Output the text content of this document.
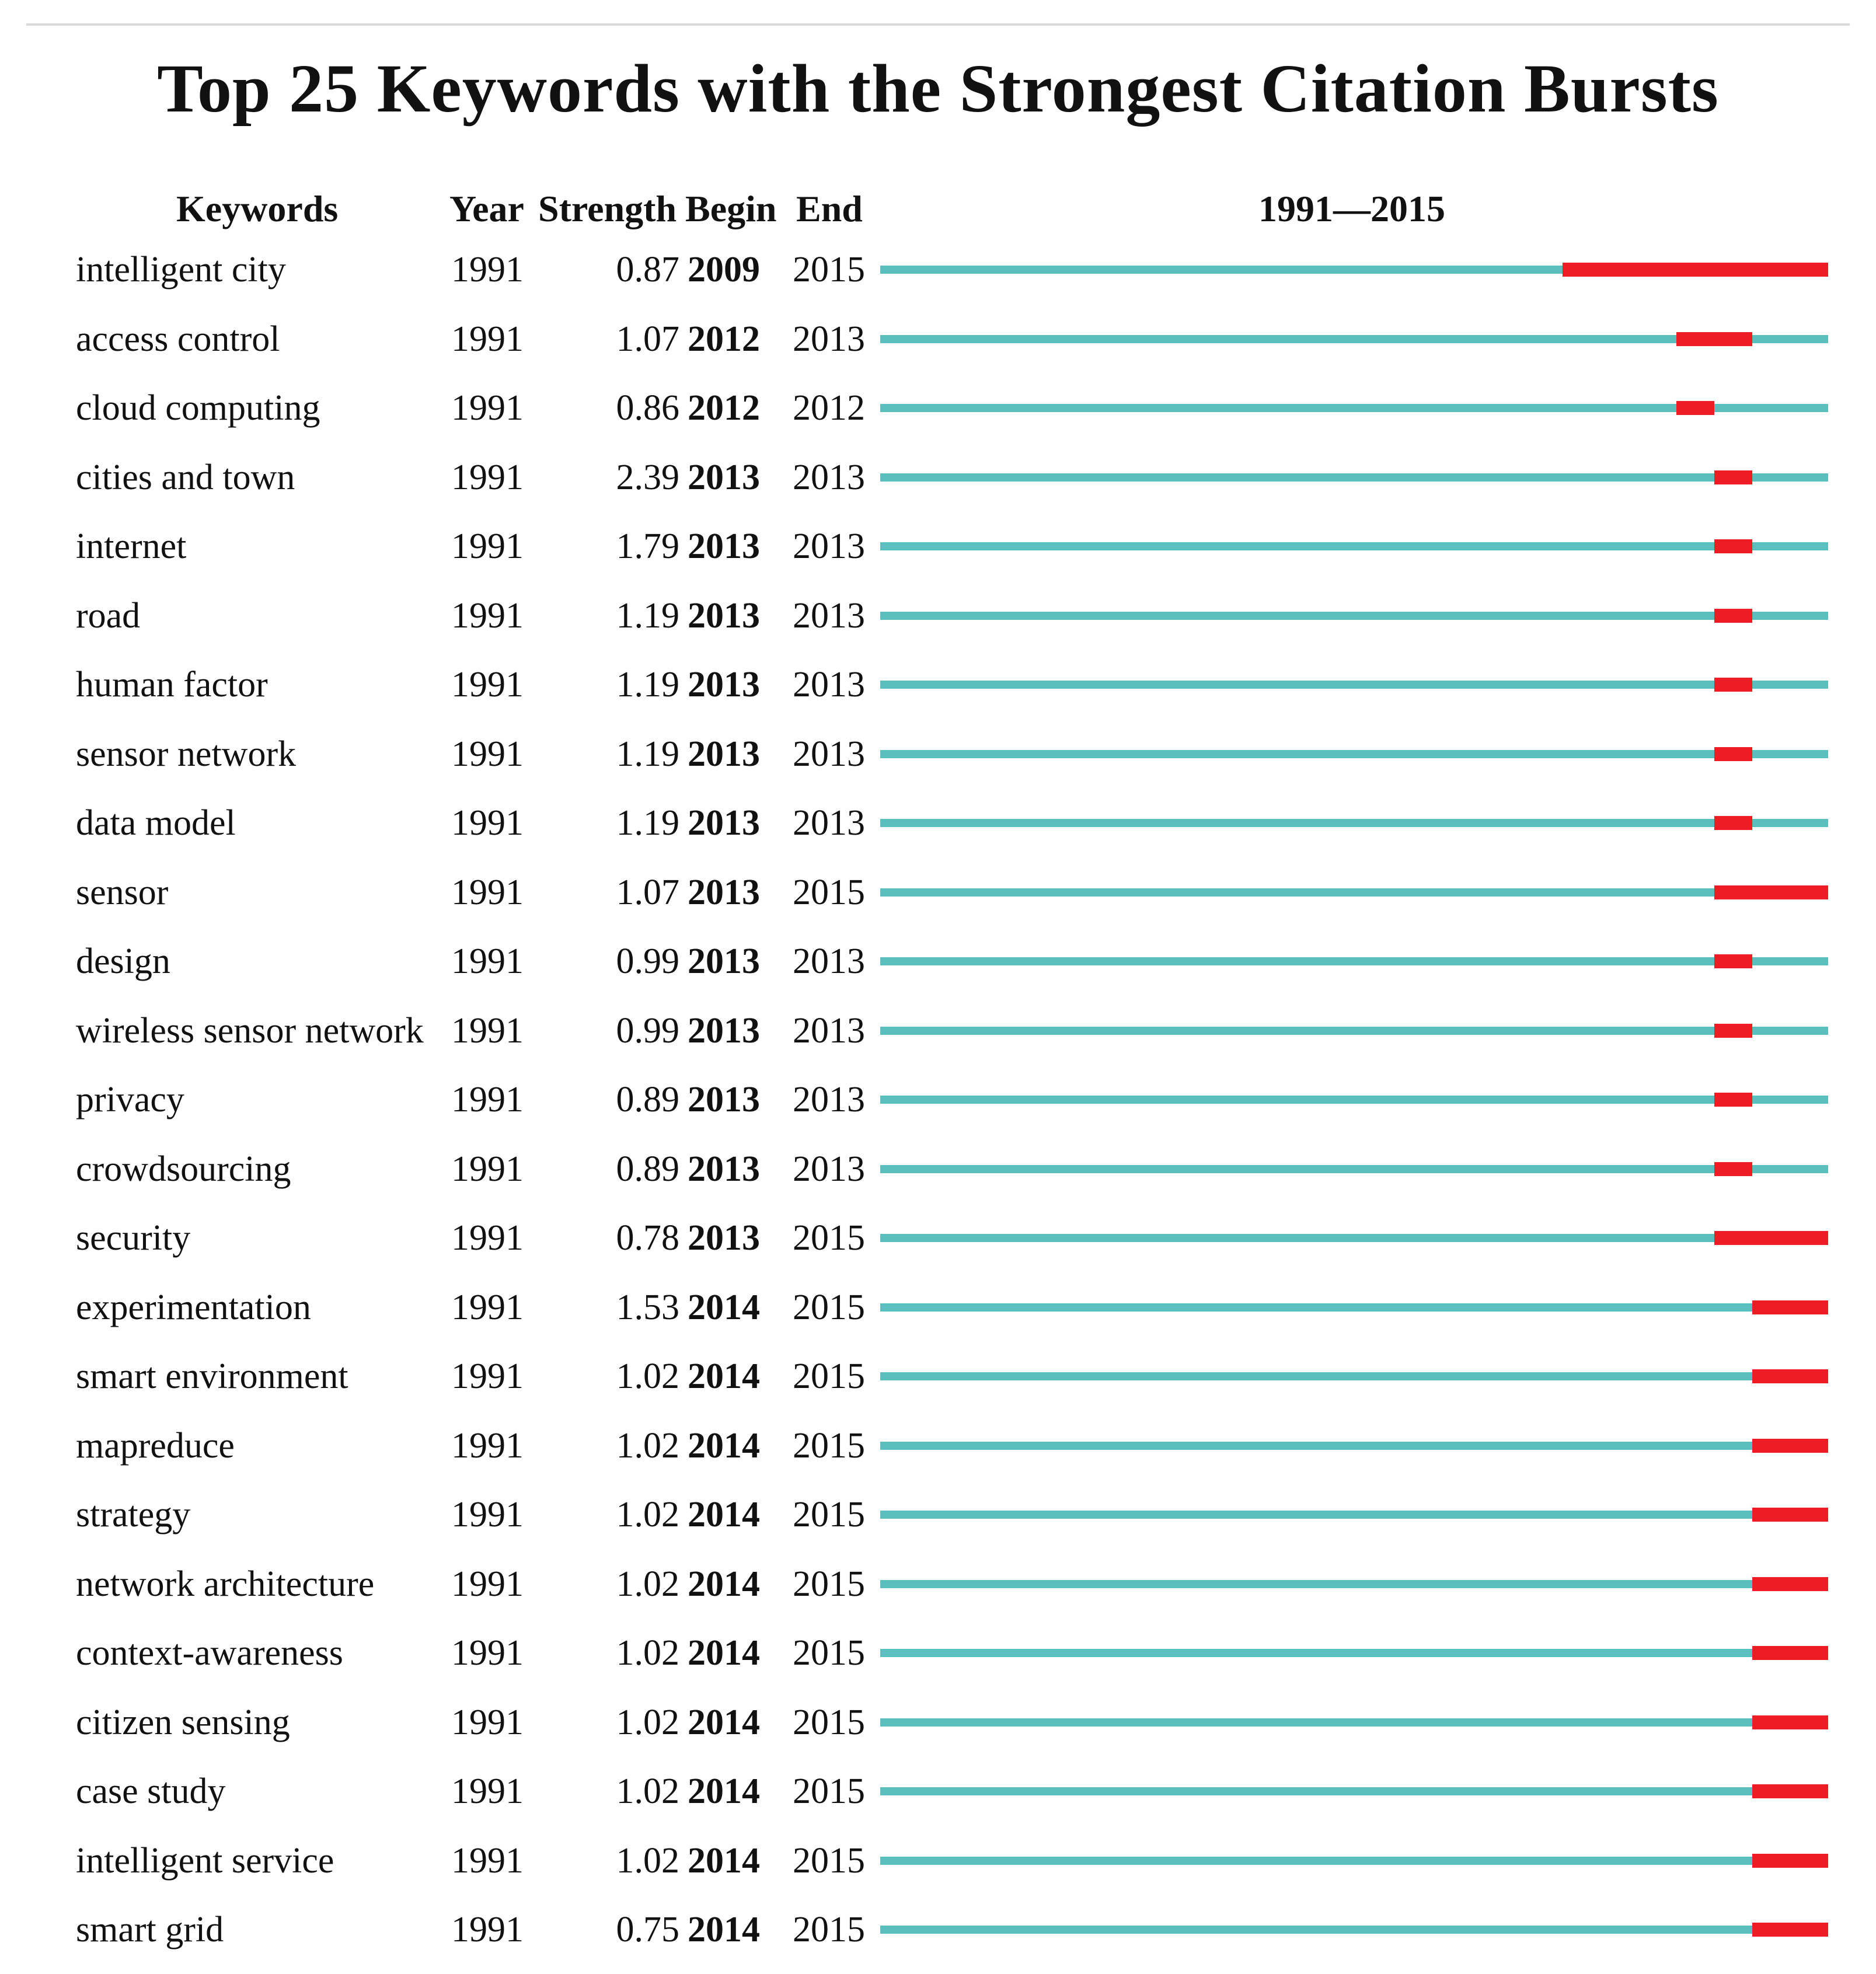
Top 25 Keywords with the Strongest Citation Bursts
Keywords	Year Strength Begin End	1991—2015
intelligent city	1991	0.87 2009 2015
access control	1991	1.07 2012 2013
cloud computing	1991	0.86 2012 2012
cities and town	1991	2.39 2013 2013
internet	1991	1.79 2013 2013
road	1991	1.19 2013 2013
human factor	1991	1.19 2013 2013
sensor network	1991	1.19 2013 2013
data model	1991	1.19 2013 2013
sensor	1991	1.07 2013 2015
design	1991	0.99 2013 2013
wireless sensor network 1991	0.99 2013 2013
privacy	1991	0.89 2013 2013
crowdsourcing	1991	0.89 2013 2013
security	1991	0.78 2013 2015
experimentation	1991	1.53 2014 2015
smart environment	1991	1.02 2014 2015
mapreduce	1991	1.02 2014 2015
strategy	1991	1.02 2014 2015
network architecture 1991	1.02 2014 2015
context-awareness	1991	1.02 2014 2015
citizen sensing	1991	1.02 2014 2015
case study	1991	1.02 2014 2015
intelligent service	1991	1.02 2014 2015
smart grid	1991	0.75 2014 2015
